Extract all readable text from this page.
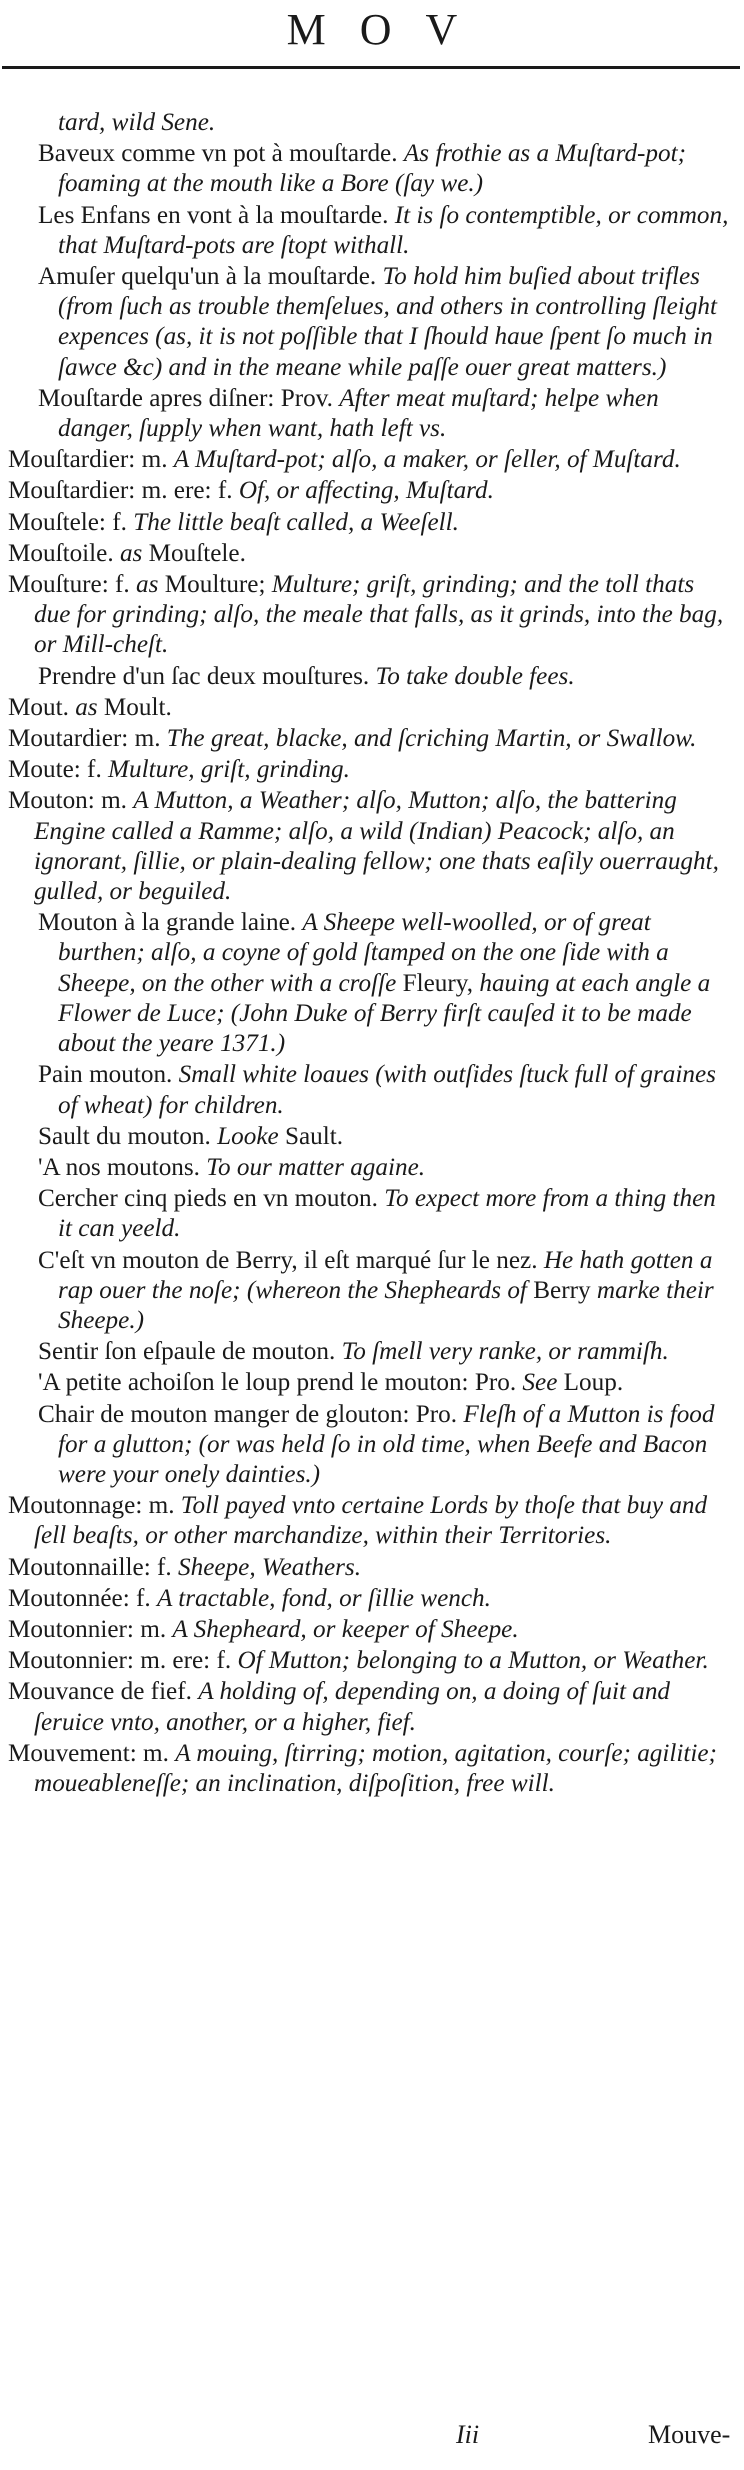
MOV
tard, wild Sene.
Baveux comme vn pot à mouſtarde. As frothie as a Muſtard-pot; foaming at the mouth like a Bore (ſay we.)
Les Enfans en vont à la mouſtarde. It is ſo contemptible, or common, that Muſtard-pots are ſtopt withall.
Amuſer quelqu'un à la mouſtarde. To hold him buſied about trifles (from ſuch as trouble themſelues, and others in controlling ſleight expences (as, it is not poſſible that I ſhould haue ſpent ſo much in ſawce &c) and in the meane while paſſe ouer great matters.)
Mouſtarde apres diſner: Prov. After meat muſtard; helpe when danger, ſupply when want, hath left vs.
Mouſtardier: m. A Muſtard-pot; alſo, a maker, or ſeller, of Muſtard.
Mouſtardier: m. ere: f. Of, or affecting, Muſtard.
Mouſtele: f. The little beaſt called, a Weeſell.
Mouſtoile. as Mouſtele.
Mouſture: f. as Moulture; Multure; griſt, grinding; and the toll thats due for grinding; alſo, the meale that falls, as it grinds, into the bag, or Mill-cheſt.
Prendre d'un ſac deux mouſtures. To take double fees.
Mout. as Moult.
Moutardier: m. The great, blacke, and ſcriching Martin, or Swallow.
Moute: f. Multure, griſt, grinding.
Mouton: m. A Mutton, a Weather; alſo, Mutton; alſo, the battering Engine called a Ramme; alſo, a wild (Indian) Peacock; alſo, an ignorant, ſillie, or plain-dealing fellow; one thats eaſily ouerraught, gulled, or beguiled.
Mouton à la grande laine. A Sheepe well-woolled, or of great burthen; alſo, a coyne of gold ſtamped on the one ſide with a Sheepe, on the other with a croſſe Fleury, hauing at each angle a Flower de Luce; (John Duke of Berry firſt cauſed it to be made about the yeare 1371.)
Pain mouton. Small white loaues (with outſides ſtuck full of graines of wheat) for children.
Sault du mouton. Looke Sault.
'A nos moutons. To our matter againe.
Cercher cinq pieds en vn mouton. To expect more from a thing then it can yeeld.
C'eſt vn mouton de Berry, il eſt marqué ſur le nez. He hath gotten a rap ouer the noſe; (whereon the Shepheards of Berry marke their Sheepe.)
Sentir ſon eſpaule de mouton. To ſmell very ranke, or rammiſh.
'A petite achoiſon le loup prend le mouton: Pro. See Loup.
Chair de mouton manger de glouton: Pro. Fleſh of a Mutton is food for a glutton; (or was held ſo in old time, when Beefe and Bacon were your onely dainties.)
Moutonnage: m. Toll payed vnto certaine Lords by thoſe that buy and ſell beaſts, or other marchandize, within their Territories.
Moutonnaille: f. Sheepe, Weathers.
Moutonnée: f. A tractable, fond, or ſillie wench.
Moutonnier: m. A Shepheard, or keeper of Sheepe.
Moutonnier: m. ere: f. Of Mutton; belonging to a Mutton, or Weather.
Mouvance de fief. A holding of, depending on, a doing of ſuit and ſeruice vnto, another, or a higher, fief.
Mouvement: m. A mouing, ſtirring; motion, agitation, courſe; agilitie; moueableneſſe; an inclination, diſpoſition, free will.
Iii	Mouve-
